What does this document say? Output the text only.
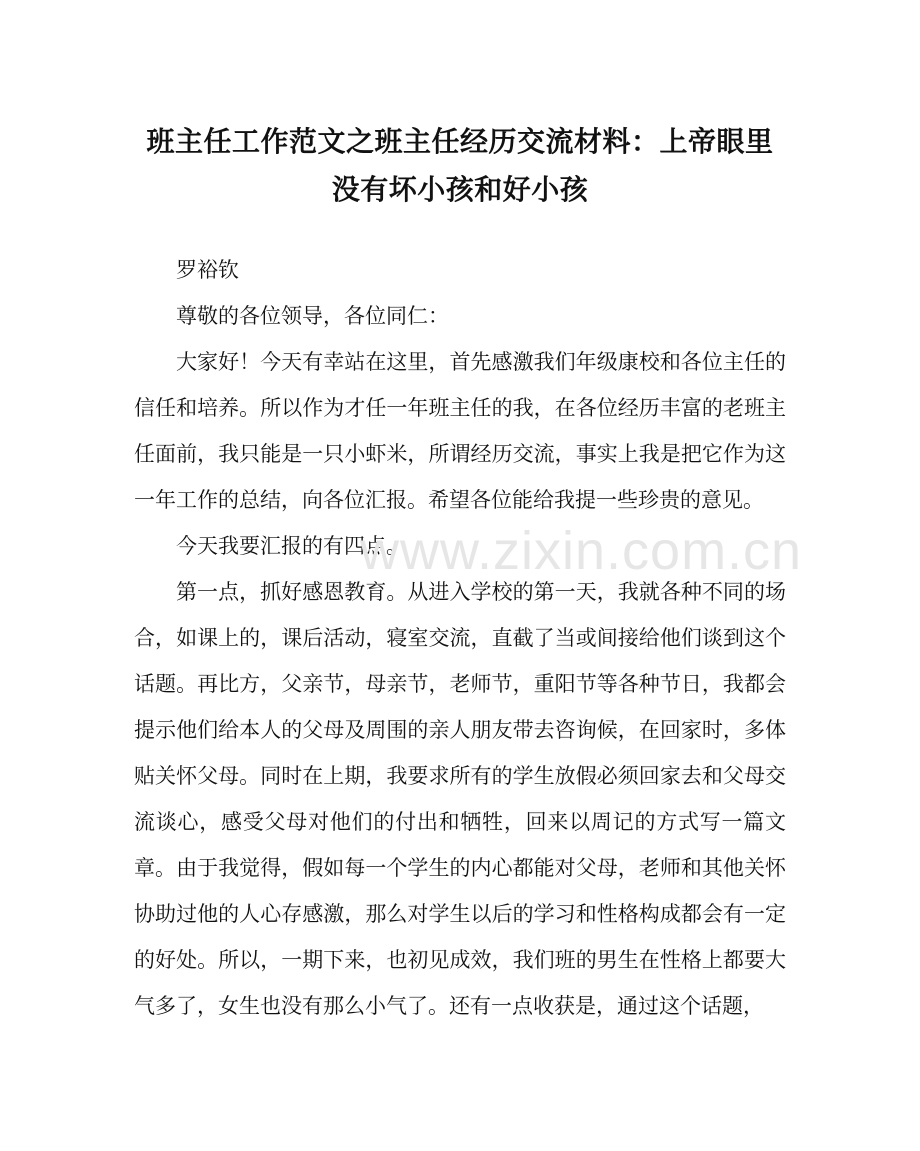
班主任工作范文之班主任经历交流材料：上帝眼里没有坏小孩和好小孩

罗裕钦

尊敬的各位领导，各位同仁：

大家好！今天有幸站在这里，首先感激我们年级康校和各位主任的信任和培养。所以作为才任一年班主任的我，在各位经历丰富的老班主任面前，我只能是一只小虾米，所谓经历交流，事实上我是把它作为这一年工作的总结，向各位汇报。希望各位能给我提一些珍贵的意见。

今天我要汇报的有四点。

第一点，抓好感恩教育。从进入学校的第一天，我就各种不同的场合，如课上的，课后活动，寝室交流，直截了当或间接给他们谈到这个话题。再比方，父亲节，母亲节，老师节，重阳节等各种节日，我都会提示他们给本人的父母及周围的亲人朋友带去咨询候，在回家时，多体贴关怀父母。同时在上期，我要求所有的学生放假必须回家去和父母交流谈心，感受父母对他们的付出和牺牲，回来以周记的方式写一篇文章。由于我觉得，假如每一个学生的内心都能对父母，老师和其他关怀协助过他的人心存感激，那么对学生以后的学习和性格构成都会有一定的好处。所以，一期下来，也初见成效，我们班的男生在性格上都要大气多了，女生也没有那么小气了。还有一点收获是，通过这个话题，

www.zixin.com.cn
